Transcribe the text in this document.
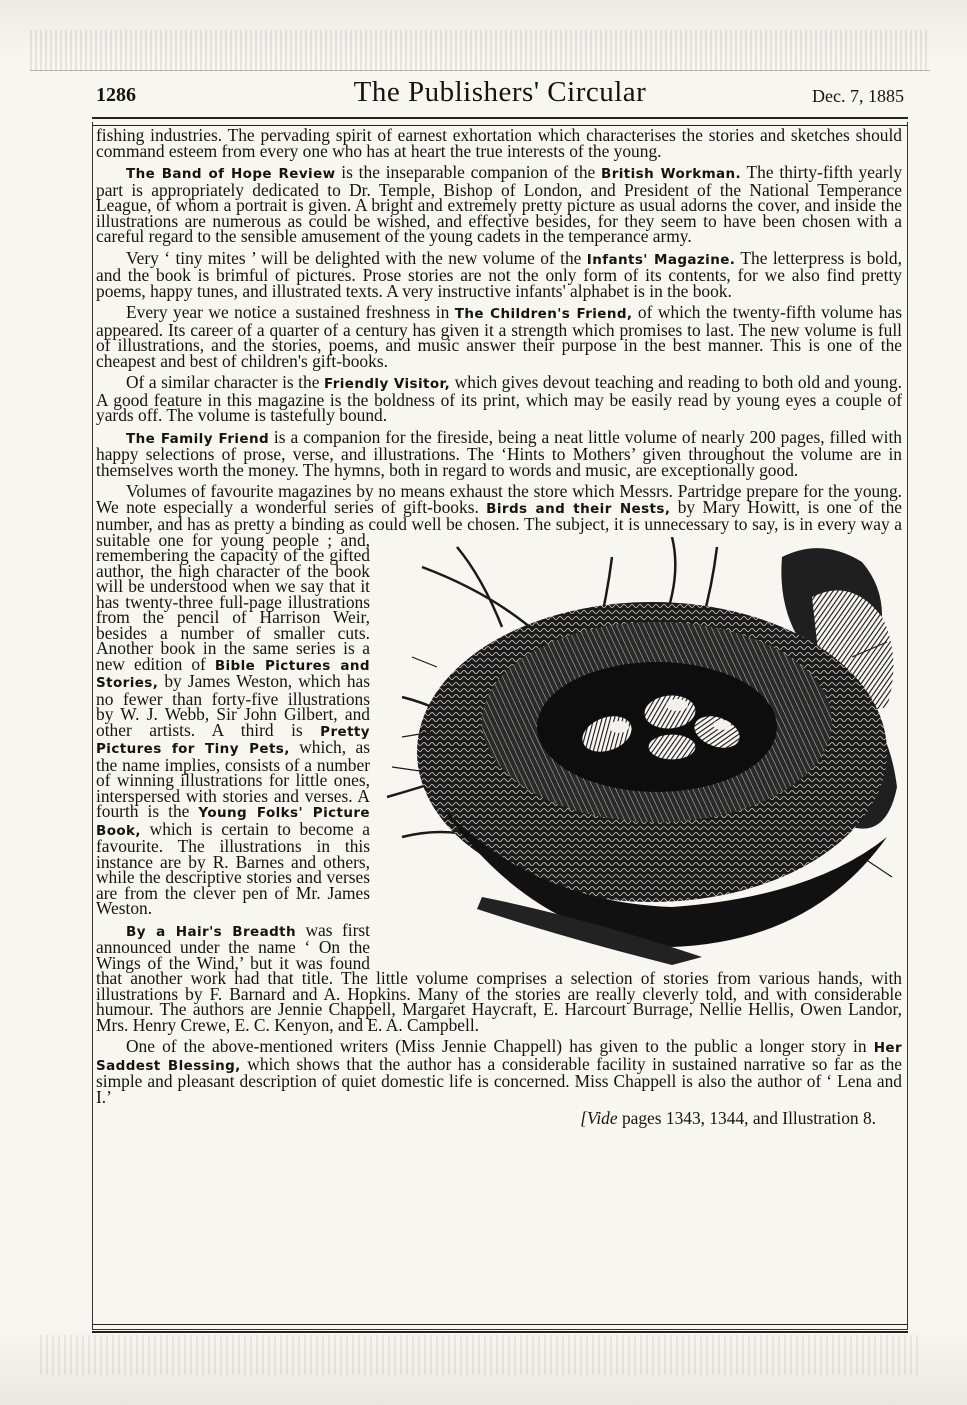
1286	The Publishers' Circular	Dec. 7, 1885

fishing industries. The pervading spirit of earnest exhortation which characterises the stories and sketches should command esteem from every one who has at heart the true interests of the young.

The Band of Hope Review is the inseparable companion of the British Workman. The thirty-fifth yearly part is appropriately dedicated to Dr. Temple, Bishop of London, and President of the National Temperance League, of whom a portrait is given. A bright and extremely pretty picture as usual adorns the cover, and inside the illustrations are numerous as could be wished, and effective besides, for they seem to have been chosen with a careful regard to the sensible amusement of the young cadets in the temperance army.

Very ‘ tiny mites ’ will be delighted with the new volume of the Infants' Magazine. The letterpress is bold, and the book is brimful of pictures. Prose stories are not the only form of its contents, for we also find pretty poems, happy tunes, and illustrated texts. A very instructive infants' alphabet is in the book.

Every year we notice a sustained freshness in The Children's Friend, of which the twenty-fifth volume has appeared. Its career of a quarter of a century has given it a strength which promises to last. The new volume is full of illustrations, and the stories, poems, and music answer their purpose in the best manner. This is one of the cheapest and best of children's gift-books.

Of a similar character is the Friendly Visitor, which gives devout teaching and reading to both old and young. A good feature in this magazine is the boldness of its print, which may be easily read by young eyes a couple of yards off. The volume is tastefully bound.

The Family Friend is a companion for the fireside, being a neat little volume of nearly 200 pages, filled with happy selections of prose, verse, and illustrations. The ‘Hints to Mothers’ given throughout the volume are in themselves worth the money. The hymns, both in regard to words and music, are exceptionally good.

Volumes of favourite magazines by no means exhaust the store which Messrs. Partridge prepare for the young. We note especially a wonderful series of gift-books. Birds and their Nests, by Mary Howitt, is one of the number, and has as pretty a binding as could well be chosen.
The subject, it is unnecessary to say, is in every way a suitable one for young people ; and, remembering the capacity of the gifted author, the high character of the book will be understood when we say that it has twenty-three full-page illustrations from the pencil of Harrison Weir, besides a number of smaller cuts. Another book in the same series is a new edition of Bible Pictures and Stories, by James Weston, which has no fewer than forty-five illustrations by W. J. Webb, Sir John Gilbert, and other artists. A third is Pretty Pictures for Tiny Pets, which, as the name implies, consists of a number of winning illustrations for little ones, interspersed with stories and verses. A fourth is the Young Folks' Picture Book, which is certain to become a favourite. The illustrations in this instance are by R. Barnes and others, while the descriptive stories and verses are from the clever pen of Mr. James Weston.

By a Hair's Breadth was first announced under the name ‘ On the Wings of the Wind,’ but it was found that another work had that title. The little volume comprises a selection of stories from various hands, with illustrations by F. Barnard and A. Hopkins. Many of the stories are really cleverly told, and with considerable humour. The authors are Jennie Chappell, Margaret Haycraft, E. Harcourt Burrage, Nellie Hellis, Owen Landor, Mrs. Henry Crewe, E. C. Kenyon, and E. A. Campbell.

One of the above-mentioned writers (Miss Jennie Chappell) has given to the public a longer story in Her Saddest Blessing, which shows that the author has a considerable facility in sustained narrative so far as the simple and pleasant description of quiet domestic life is concerned. Miss Chappell is also the author of ‘ Lena and I.’

[Vide pages 1343, 1344, and Illustration 8.
